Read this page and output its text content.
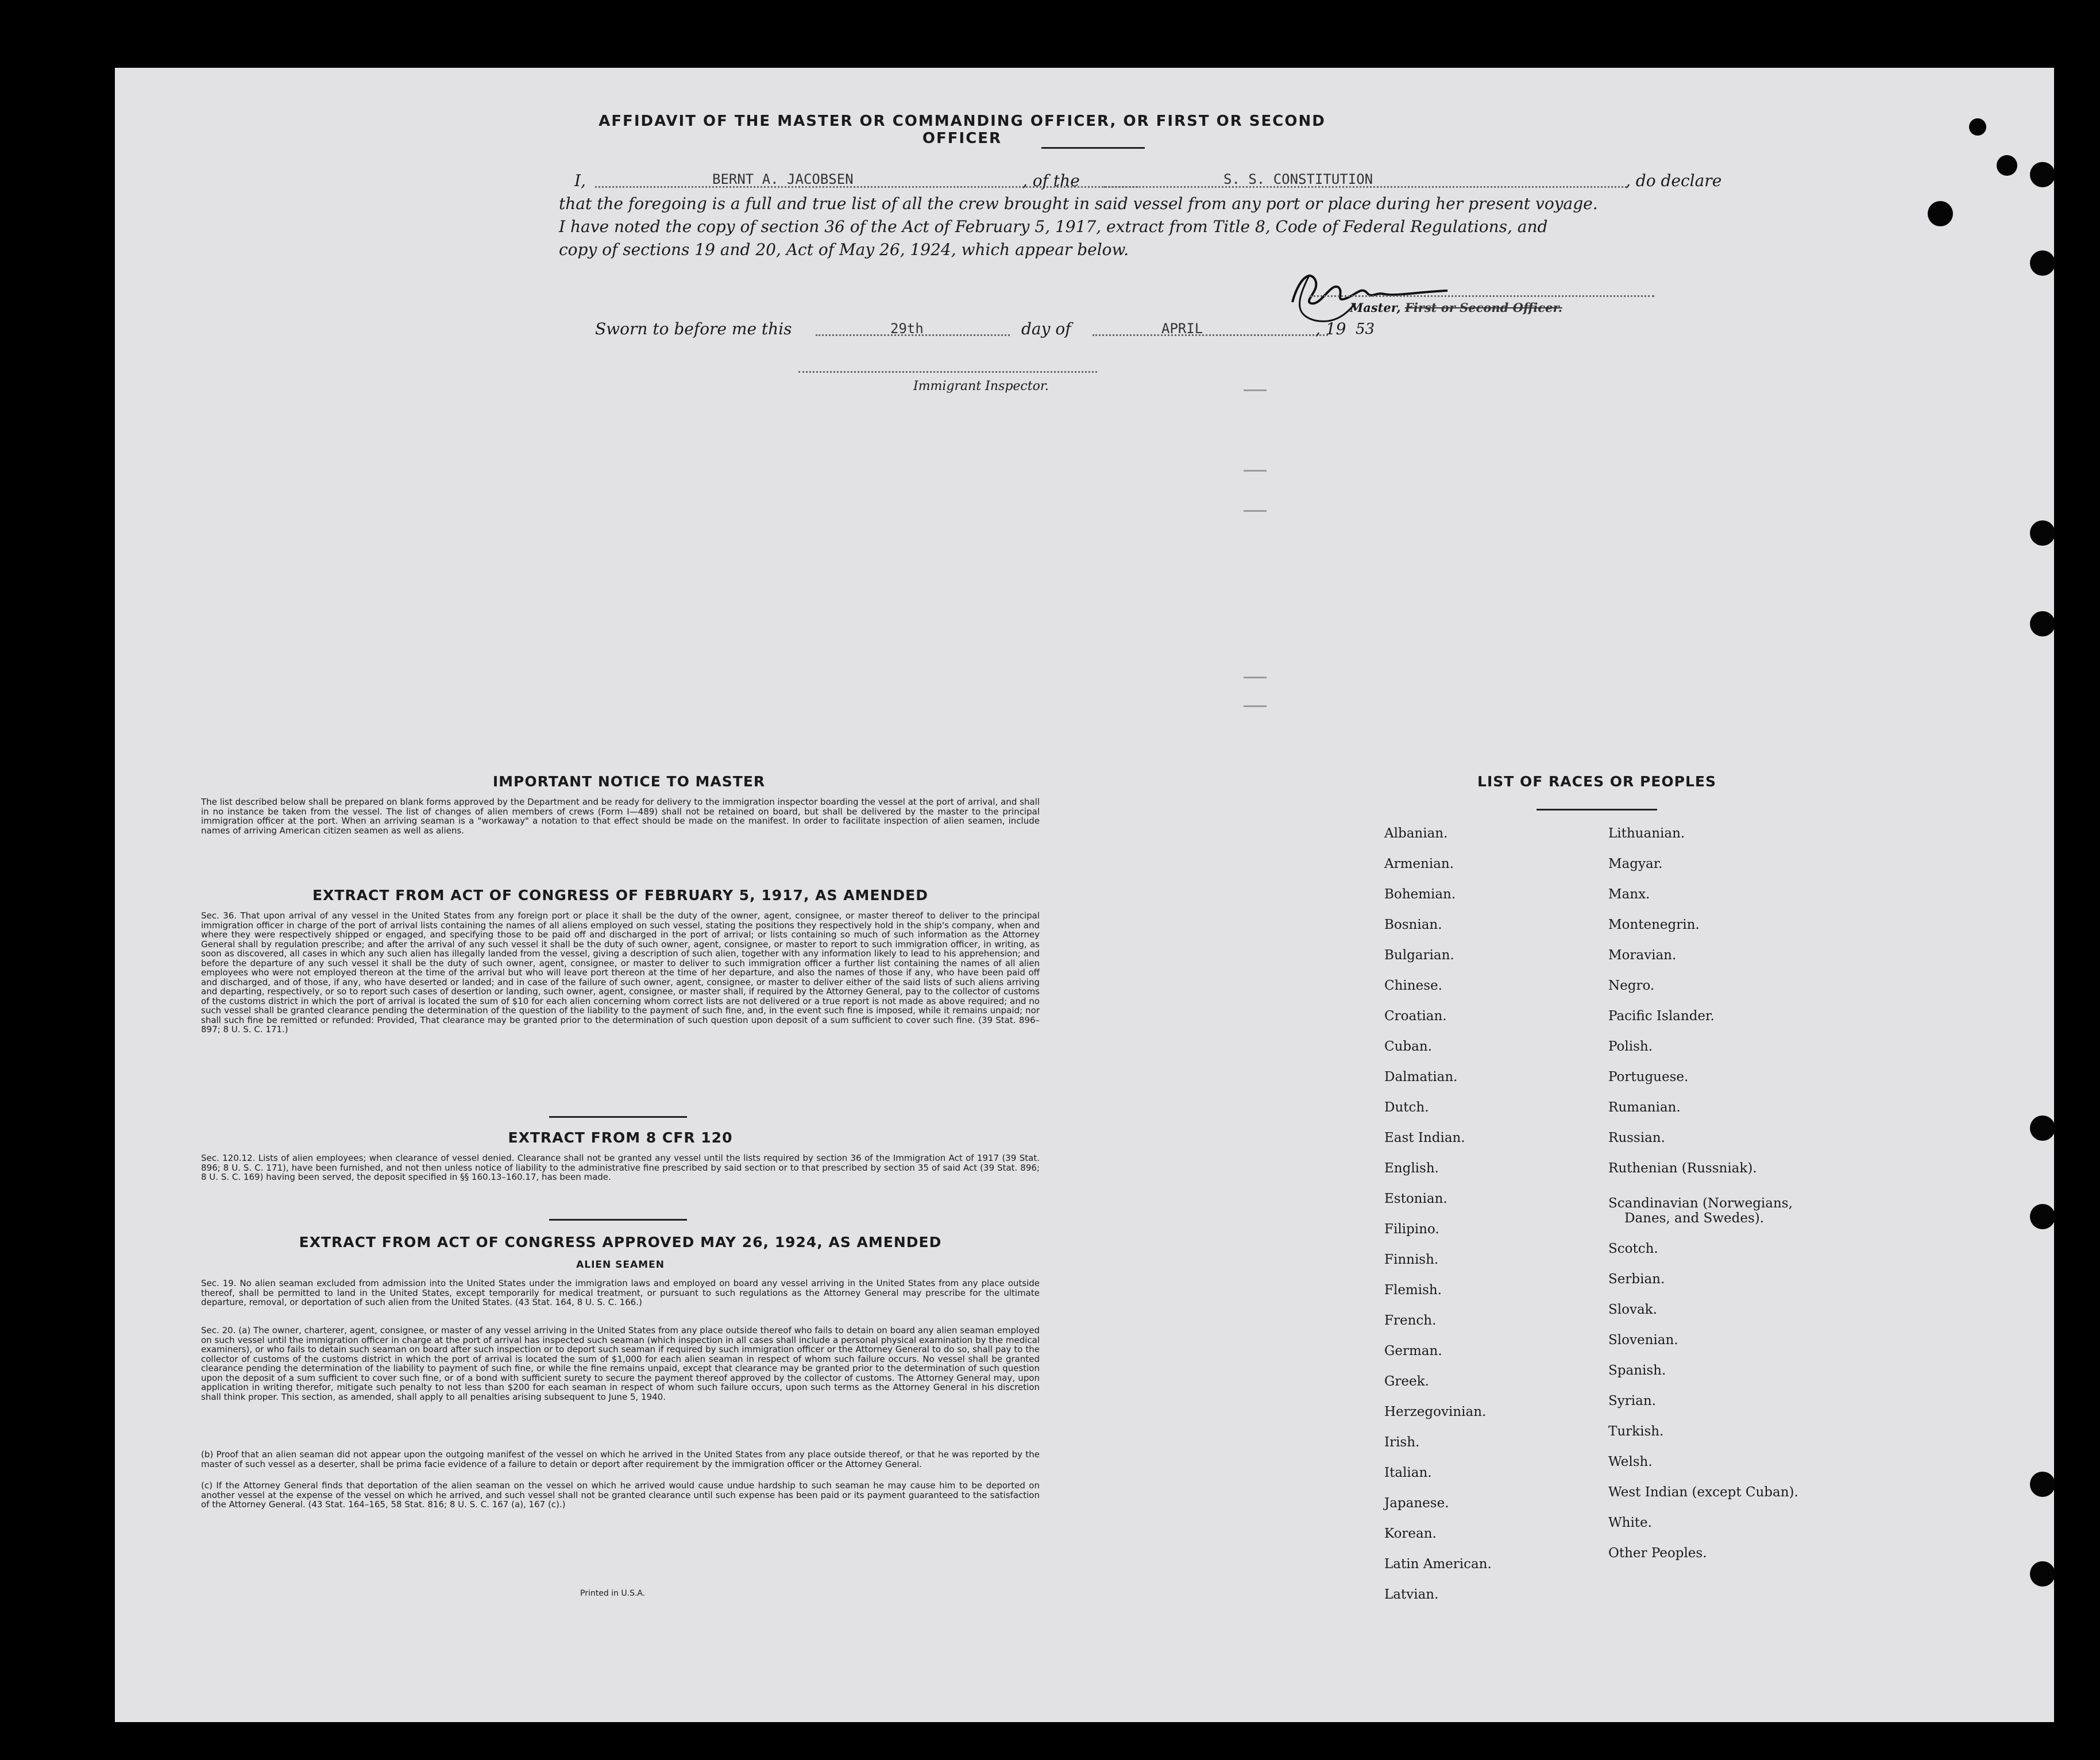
AFFIDAVIT OF THE MASTER OR COMMANDING OFFICER, OR FIRST OR SECOND OFFICER
I,	BERNT A. JACOBSEN	, of the	S. S. CONSTITUTION	, do declare
that the foregoing is a full and true list of all the crew brought in said vessel from any port or place during her present voyage.
I have noted the copy of section 36 of the Act of February 5, 1917, extract from Title 8, Code of Federal Regulations, and
copy of sections 19 and 20, Act of May 26, 1924, which appear below.
Master, First or Second Officer.
Sworn to before me this	29th	day of	APRIL	, 19 53
Immigrant Inspector.
IMPORTANT NOTICE TO MASTER
The list described below shall be prepared on blank forms approved by the Department and be ready for delivery to the immigration inspector boarding the vessel at the port of arrival, and shall in no instance be taken from the vessel. The list of changes of alien members of crews (Form I—489) shall not be retained on board, but shall be delivered by the master to the principal immigration officer at the port. When an arriving seaman is a "workaway" a notation to that effect should be made on the manifest. In order to facilitate inspection of alien seamen, include names of arriving American citizen seamen as well as aliens.
EXTRACT FROM ACT OF CONGRESS OF FEBRUARY 5, 1917, AS AMENDED
Sec. 36. That upon arrival of any vessel in the United States from any foreign port or place it shall be the duty of the owner, agent, consignee, or master thereof to deliver to the principal immigration officer in charge of the port of arrival lists containing the names of all aliens employed on such vessel, stating the positions they respectively hold in the ship's company, when and where they were respectively shipped or engaged, and specifying those to be paid off and discharged in the port of arrival; or lists containing so much of such information as the Attorney General shall by regulation prescribe; and after the arrival of any such vessel it shall be the duty of such owner, agent, consignee, or master to report to such immigration officer, in writing, as soon as discovered, all cases in which any such alien has illegally landed from the vessel, giving a description of such alien, together with any information likely to lead to his apprehension; and before the departure of any such vessel it shall be the duty of such owner, agent, consignee, or master to deliver to such immigration officer a further list containing the names of all alien employees who were not employed thereon at the time of the arrival but who will leave port thereon at the time of her departure, and also the names of those if any, who have been paid off and discharged, and of those, if any, who have deserted or landed; and in case of the failure of such owner, agent, consignee, or master to deliver either of the said lists of such aliens arriving and departing, respectively, or so to report such cases of desertion or landing, such owner, agent, consignee, or master shall, if required by the Attorney General, pay to the collector of customs of the customs district in which the port of arrival is located the sum of $10 for each alien concerning whom correct lists are not delivered or a true report is not made as above required; and no such vessel shall be granted clearance pending the determination of the question of the liability to the payment of such fine, and, in the event such fine is imposed, while it remains unpaid; nor shall such fine be remitted or refunded: Provided, That clearance may be granted prior to the determination of such question upon deposit of a sum sufficient to cover such fine. (39 Stat. 896–897; 8 U. S. C. 171.)
EXTRACT FROM 8 CFR 120
Sec. 120.12. Lists of alien employees; when clearance of vessel denied. Clearance shall not be granted any vessel until the lists required by section 36 of the Immigration Act of 1917 (39 Stat. 896; 8 U. S. C. 171), have been furnished, and not then unless notice of liability to the administrative fine prescribed by said section or to that prescribed by section 35 of said Act (39 Stat. 896; 8 U. S. C. 169) having been served, the deposit specified in §§ 160.13–160.17, has been made.
EXTRACT FROM ACT OF CONGRESS APPROVED MAY 26, 1924, AS AMENDED
ALIEN SEAMEN
Sec. 19. No alien seaman excluded from admission into the United States under the immigration laws and employed on board any vessel arriving in the United States from any place outside thereof, shall be permitted to land in the United States, except temporarily for medical treatment, or pursuant to such regulations as the Attorney General may prescribe for the ultimate departure, removal, or deportation of such alien from the United States. (43 Stat. 164, 8 U. S. C. 166.)
Sec. 20. (a) The owner, charterer, agent, consignee, or master of any vessel arriving in the United States from any place outside thereof who fails to detain on board any alien seaman employed on such vessel until the immigration officer in charge at the port of arrival has inspected such seaman (which inspection in all cases shall include a personal physical examination by the medical examiners), or who fails to detain such seaman on board after such inspection or to deport such seaman if required by such immigration officer or the Attorney General to do so, shall pay to the collector of customs of the customs district in which the port of arrival is located the sum of $1,000 for each alien seaman in respect of whom such failure occurs. No vessel shall be granted clearance pending the determination of the liability to payment of such fine, or while the fine remains unpaid, except that clearance may be granted prior to the determination of such question upon the deposit of a sum sufficient to cover such fine, or of a bond with sufficient surety to secure the payment thereof approved by the collector of customs. The Attorney General may, upon application in writing therefor, mitigate such penalty to not less than $200 for each seaman in respect of whom such failure occurs, upon such terms as the Attorney General in his discretion shall think proper. This section, as amended, shall apply to all penalties arising subsequent to June 5, 1940.
(b) Proof that an alien seaman did not appear upon the outgoing manifest of the vessel on which he arrived in the United States from any place outside thereof, or that he was reported by the master of such vessel as a deserter, shall be prima facie evidence of a failure to detain or deport after requirement by the immigration officer or the Attorney General.
(c) If the Attorney General finds that deportation of the alien seaman on the vessel on which he arrived would cause undue hardship to such seaman he may cause him to be deported on another vessel at the expense of the vessel on which he arrived, and such vessel shall not be granted clearance until such expense has been paid or its payment guaranteed to the satisfaction of the Attorney General. (43 Stat. 164–165, 58 Stat. 816; 8 U. S. C. 167 (a), 167 (c).)
Printed in U.S.A.
LIST OF RACES OR PEOPLES
Albanian.
Armenian.
Bohemian.
Bosnian.
Bulgarian.
Chinese.
Croatian.
Cuban.
Dalmatian.
Dutch.
East Indian.
English.
Estonian.
Filipino.
Finnish.
Flemish.
French.
German.
Greek.
Herzegovinian.
Irish.
Italian.
Japanese.
Korean.
Latin American.
Latvian.
Lithuanian.
Magyar.
Manx.
Montenegrin.
Moravian.
Negro.
Pacific Islander.
Polish.
Portuguese.
Rumanian.
Russian.
Ruthenian (Russniak).
Scandinavian (Norwegians,
Danes, and Swedes).
Scotch.
Serbian.
Slovak.
Slovenian.
Spanish.
Syrian.
Turkish.
Welsh.
West Indian (except Cuban).
White.
Other Peoples.
